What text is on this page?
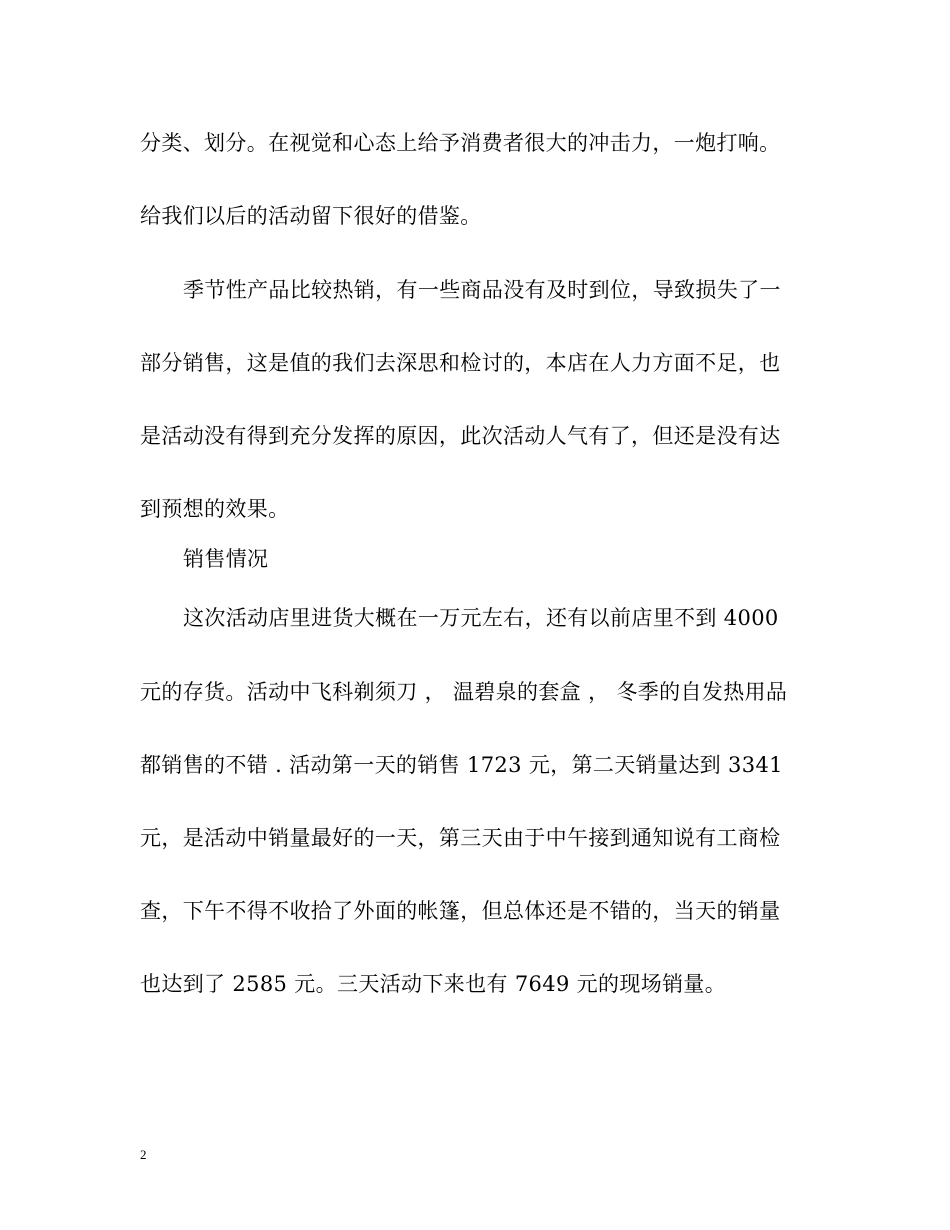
分类、划分。在视觉和心态上给予消费者很大的冲击力，一炮打响。
给我们以后的活动留下很好的借鉴。
季节性产品比较热销，有一些商品没有及时到位，导致损失了一
部分销售，这是值的我们去深思和检讨的，本店在人力方面不足，也
是活动没有得到充分发挥的原因，此次活动人气有了，但还是没有达
到预想的效果。
销售情况
这次活动店里进货大概在一万元左右，还有以前店里不到 4000
元的存货。活动中飞科剃须刀 ， 温碧泉的套盒 ， 冬季的自发热用品
都销售的不错 . 活动第一天的销售 1723 元，第二天销量达到 3341
元，是活动中销量最好的一天，第三天由于中午接到通知说有工商检
查，下午不得不收拾了外面的帐篷，但总体还是不错的，当天的销量
也达到了 2585 元。三天活动下来也有 7649 元的现场销量。
2
